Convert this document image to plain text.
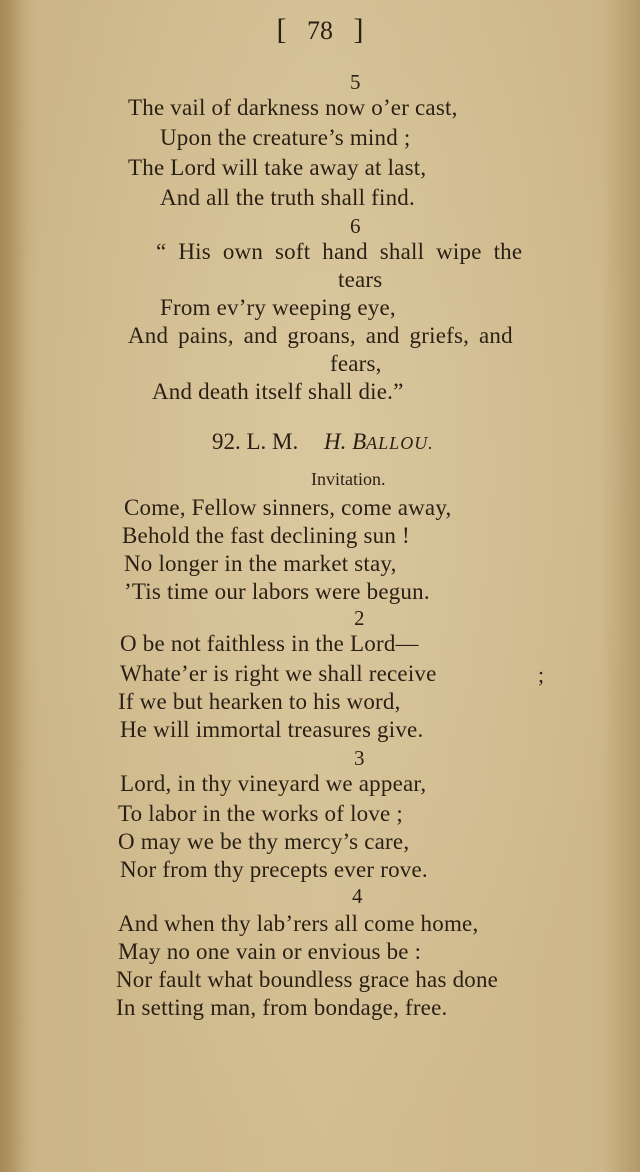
[ 78 ]
5
The vail of darkness now o’er cast,
Upon the creature’s mind ;
The Lord will take away at last,
And all the truth shall find.
6
“ His own soft hand shall wipe the
tears
From ev’ry weeping eye,
And pains, and groans, and griefs, and
fears,
And death itself shall die.”
92. L. M. H. BALLOU.
Invitation.
Come, Fellow sinners, come away,
Behold the fast declining sun !
No longer in the market stay,
’Tis time our labors were begun.
2
O be not faithless in the Lord—
Whate’er is right we shall receive	;
If we but hearken to his word,
He will immortal treasures give.
3
Lord, in thy vineyard we appear,
To labor in the works of love ;
O may we be thy mercy’s care,
Nor from thy precepts ever rove.
4
And when thy lab’rers all come home,
May no one vain or envious be :
Nor fault what boundless grace has done
In setting man, from bondage, free.
